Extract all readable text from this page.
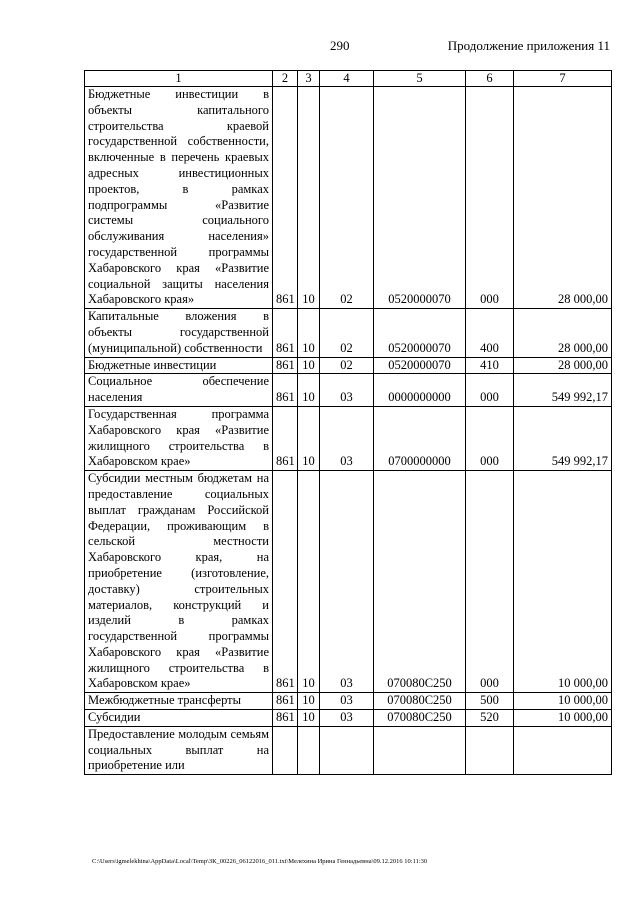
290	Продолжение приложения 11
1	2	3	4	5	6	7
Бюджетные инвестиции в объекты капитального строительства краевой государственной собственности, включенные в перечень краевых адресных инвестиционных проектов, в рамках подпрограммы «Развитие системы социального обслуживания населения» государственной программы Хабаровского края «Развитие социальной защиты населения Хабаровского края»	861	10	02	0520000070	000	28 000,00
Капитальные вложения в объекты государственной (муниципальной) собственности	861	10	02	0520000070	400	28 000,00
Бюджетные инвестиции	861	10	02	0520000070	410	28 000,00
Социальное обеспечение населения	861	10	03	0000000000	000	549 992,17
Государственная программа Хабаровского края «Развитие жилищного строительства в Хабаровском крае»	861	10	03	0700000000	000	549 992,17
Субсидии местным бюджетам на предоставление социальных выплат гражданам Российской Федерации, проживающим в сельской местности Хабаровского края, на приобретение (изготовление, доставку) строительных материалов, конструкций и изделий в рамках государственной программы Хабаровского края «Развитие жилищного строительства в Хабаровском крае»	861	10	03	070080С250	000	10 000,00
Межбюджетные трансферты	861	10	03	070080С250	500	10 000,00
Субсидии	861	10	03	070080С250	520	10 000,00
Предоставление молодым семьям социальных выплат на приобретение или						
C:\Users\igmelekhina\AppData\Local\Temp\ЗК_00226_06122016_011.txt\Мелехина Ирина Геннадьевна\09.12.2016 10:11:30
